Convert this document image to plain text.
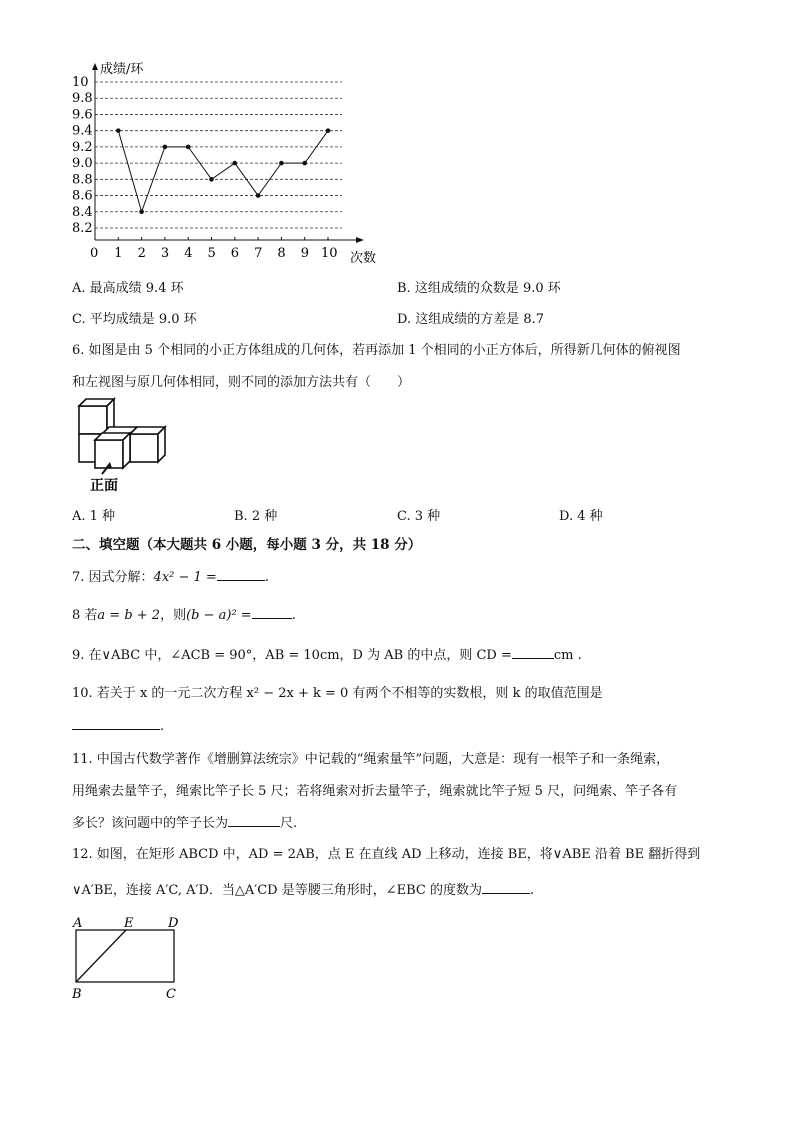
10
9.8
9.6
9.4
9.2
9.0
8.8
8.6
8.4
8.2
0 1 2 3 4 5 6 7 8 9 10
成绩/环
次数
A. 最高成绩 9.4 环	B. 这组成绩的众数是 9.0 环
C. 平均成绩是 9.0 环	D. 这组成绩的方差是 8.7
6. 如图是由 5 个相同的小正方体组成的几何体，若再添加 1 个相同的小正方体后，所得新几何体的俯视图
和左视图与原几何体相同，则不同的添加方法共有（　　）
正面
A. 1 种	B. 2 种	C. 3 种	D. 4 种
二、填空题（本大题共 6 小题，每小题 3 分，共 18 分）
7. 因式分解：4x² − 1 =	.
8 若a = b + 2，则(b − a)² =	.
9. 在∨ABC 中，∠ACB = 90°，AB = 10cm，D 为 AB 的中点，则 CD =	cm .
10. 若关于 x 的一元二次方程 x² − 2x + k = 0 有两个不相等的实数根，则 k 的取值范围是
.
11. 中国古代数学著作《增删算法统宗》中记载的“绳索量竿”问题，大意是：现有一根竿子和一条绳索，
用绳索去量竿子，绳索比竿子长 5 尺；若将绳索对折去量竿子，绳索就比竿子短 5 尺，问绳索、竿子各有
多长？该问题中的竿子长为	尺.
12. 如图，在矩形 ABCD 中，AD = 2AB，点 E 在直线 AD 上移动，连接 BE，将∨ABE 沿着 BE 翻折得到
∨A′BE，连接 A′C, A′D．当△A′CD 是等腰三角形时，∠EBC 的度数为	.
A	E	D
B	C
